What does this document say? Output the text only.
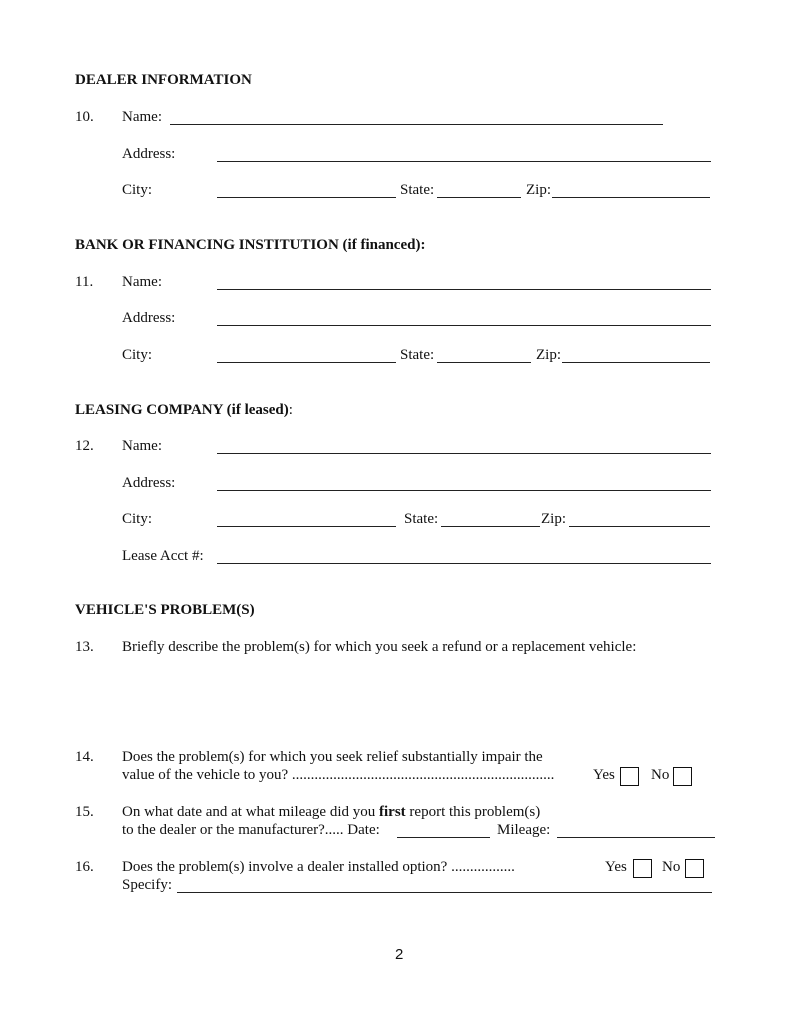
DEALER INFORMATION
10. Name:
Address:
City:	State:	Zip:
BANK OR FINANCING INSTITUTION (if financed):
11. Name:
Address:
City:	State:	Zip:
LEASING COMPANY (if leased):
12. Name:
Address:
City:	State:	Zip:
Lease Acct #:
VEHICLE'S PROBLEM(S)
13. Briefly describe the problem(s) for which you seek a refund or a replacement vehicle:
14. Does the problem(s) for which you seek relief substantially impair the
value of the vehicle to you? ......................................................................	Yes No
15. On what date and at what mileage did you first report this problem(s)
to the dealer or the manufacturer?..... Date:	Mileage:
16. Does the problem(s) involve a dealer installed option? .................	Yes No
Specify:
2
